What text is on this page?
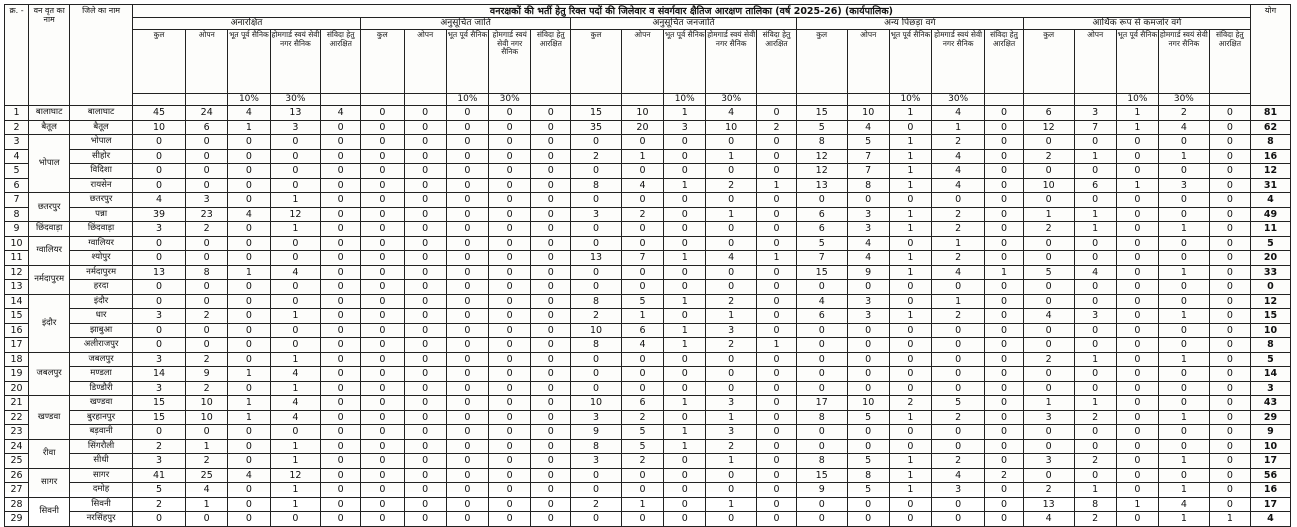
क्र. -	वन वृत का नाम	जिले का नाम	वनरक्षकों की भर्ती हेतु रिक्त पदों की जिलेवार व संवर्गवार क्षैतिज आरक्षण तालिका (वर्ष 2025-26) (कार्यपालिक)																									योग
			अनारक्षित					अनुसूचित जाति					अनुसूचित जनजाति					अन्य पिछड़ा वर्ग					आर्थिक रूप से कमजोर वर्ग					
			कुल	ओपन	भूत पूर्व सैनिक	होमगार्ड स्वयं सेवी नगर सैनिक	संविदा हेतु आरक्षित	कुल	ओपन	भूत पूर्व सैनिक	होमगार्ड स्वयं सेवी नगर सैनिक	संविदा हेतु आरक्षित	कुल	ओपन	भूत पूर्व सैनिक	होमगार्ड स्वयं सेवी नगर सैनिक	संविदा हेतु आरक्षित	कुल	ओपन	भूत पूर्व सैनिक	होमगार्ड स्वयं सेवी नगर सैनिक	संविदा हेतु आरक्षित	कुल	ओपन	भूत पूर्व सैनिक	होमगार्ड स्वयं सेवी नगर सैनिक	संविदा हेतु आरक्षित	
					10%	30%				10%	30%				10%	30%				10%	30%				10%	30%		
1	बालाघाट	बालाघाट	45	24	4	13	4	0	0	0	0	0	15	10	1	4	0	15	10	1	4	0	6	3	1	2	0	81
2	बैतूल	बैतूल	10	6	1	3	0	0	0	0	0	0	35	20	3	10	2	5	4	0	1	0	12	7	1	4	0	62
3	भोपाल	भोपाल	0	0	0	0	0	0	0	0	0	0	0	0	0	0	0	8	5	1	2	0	0	0	0	0	0	8
4		सीहोर	0	0	0	0	0	0	0	0	0	0	2	1	0	1	0	12	7	1	4	0	2	1	0	1	0	16
5		विदिशा	0	0	0	0	0	0	0	0	0	0	0	0	0	0	0	12	7	1	4	0	0	0	0	0	0	12
6		रायसेन	0	0	0	0	0	0	0	0	0	0	8	4	1	2	1	13	8	1	4	0	10	6	1	3	0	31
7	छतरपुर	छतरपुर	4	3	0	1	0	0	0	0	0	0	0	0	0	0	0	0	0	0	0	0	0	0	0	0	0	4
8		पन्ना	39	23	4	12	0	0	0	0	0	0	3	2	0	1	0	6	3	1	2	0	1	1	0	0	0	49
9	छिंदवाड़ा	छिंदवाड़ा	3	2	0	1	0	0	0	0	0	0	0	0	0	0	0	6	3	1	2	0	2	1	0	1	0	11
10	ग्वालियर	ग्वालियर	0	0	0	0	0	0	0	0	0	0	0	0	0	0	0	5	4	0	1	0	0	0	0	0	0	5
11		श्योपुर	0	0	0	0	0	0	0	0	0	0	13	7	1	4	1	7	4	1	2	0	0	0	0	0	0	20
12	नर्मदापुरम	नर्मदापुरम	13	8	1	4	0	0	0	0	0	0	0	0	0	0	0	15	9	1	4	1	5	4	0	1	0	33
13		हरदा	0	0	0	0	0	0	0	0	0	0	0	0	0	0	0	0	0	0	0	0	0	0	0	0	0	0
14	इंदौर	इंदौर	0	0	0	0	0	0	0	0	0	0	8	5	1	2	0	4	3	0	1	0	0	0	0	0	0	12
15		धार	3	2	0	1	0	0	0	0	0	0	2	1	0	1	0	6	3	1	2	0	4	3	0	1	0	15
16		झाबुआ	0	0	0	0	0	0	0	0	0	0	10	6	1	3	0	0	0	0	0	0	0	0	0	0	0	10
17		अलीराजपुर	0	0	0	0	0	0	0	0	0	0	8	4	1	2	1	0	0	0	0	0	0	0	0	0	0	8
18	जबलपुर	जबलपुर	3	2	0	1	0	0	0	0	0	0	0	0	0	0	0	0	0	0	0	0	2	1	0	1	0	5
19		मण्डला	14	9	1	4	0	0	0	0	0	0	0	0	0	0	0	0	0	0	0	0	0	0	0	0	0	14
20		डिण्डौरी	3	2	0	1	0	0	0	0	0	0	0	0	0	0	0	0	0	0	0	0	0	0	0	0	0	3
21	खण्डवा	खण्डवा	15	10	1	4	0	0	0	0	0	0	10	6	1	3	0	17	10	2	5	0	1	1	0	0	0	43
22		बुरहानपुर	15	10	1	4	0	0	0	0	0	0	3	2	0	1	0	8	5	1	2	0	3	2	0	1	0	29
23		बड़वानी	0	0	0	0	0	0	0	0	0	0	9	5	1	3	0	0	0	0	0	0	0	0	0	0	0	9
24	रीवा	सिंगरौली	2	1	0	1	0	0	0	0	0	0	8	5	1	2	0	0	0	0	0	0	0	0	0	0	0	10
25		सीधी	3	2	0	1	0	0	0	0	0	0	3	2	0	1	0	8	5	1	2	0	3	2	0	1	0	17
26	सागर	सागर	41	25	4	12	0	0	0	0	0	0	0	0	0	0	0	15	8	1	4	2	0	0	0	0	0	56
27		दमोह	5	4	0	1	0	0	0	0	0	0	0	0	0	0	0	9	5	1	3	0	2	1	0	1	0	16
28	सिवनी	सिवनी	2	1	0	1	0	0	0	0	0	0	2	1	0	1	0	0	0	0	0	0	13	8	1	4	0	17
29		नरसिंहपुर	0	0	0	0	0	0	0	0	0	0	0	0	0	0	0	0	0	0	0	0	4	2	0	1	1	4
